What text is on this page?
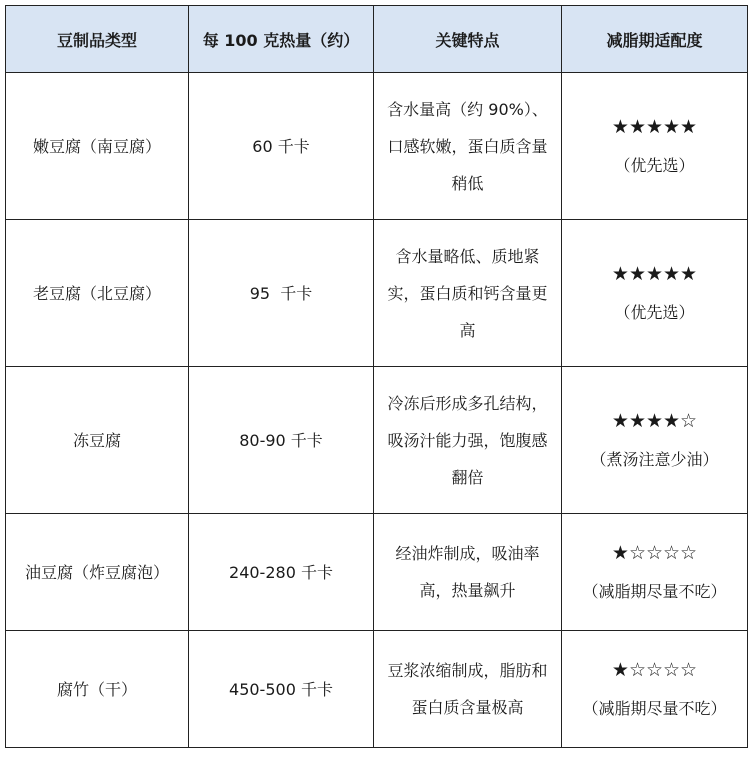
豆制品类型	每 100 克热量（约）	关键特点	减脂期适配度
嫩豆腐（南豆腐）	60 千卡	含水量高（约 90%）、口感软嫩，蛋白质含量稍低	★★★★★
（优先选）

老豆腐（北豆腐）	95  千卡	含水量略低、质地紧实，蛋白质和钙含量更高	★★★★★
（优先选）

冻豆腐	80-90 千卡	冷冻后形成多孔结构，吸汤汁能力强，饱腹感翻倍	★★★★☆
（煮汤注意少油）

油豆腐（炸豆腐泡）	240-280 千卡	经油炸制成，吸油率高，热量飙升	★☆☆☆☆
（减脂期尽量不吃）

腐竹（干）	450-500 千卡	豆浆浓缩制成，脂肪和蛋白质含量极高	★☆☆☆☆
（减脂期尽量不吃）
